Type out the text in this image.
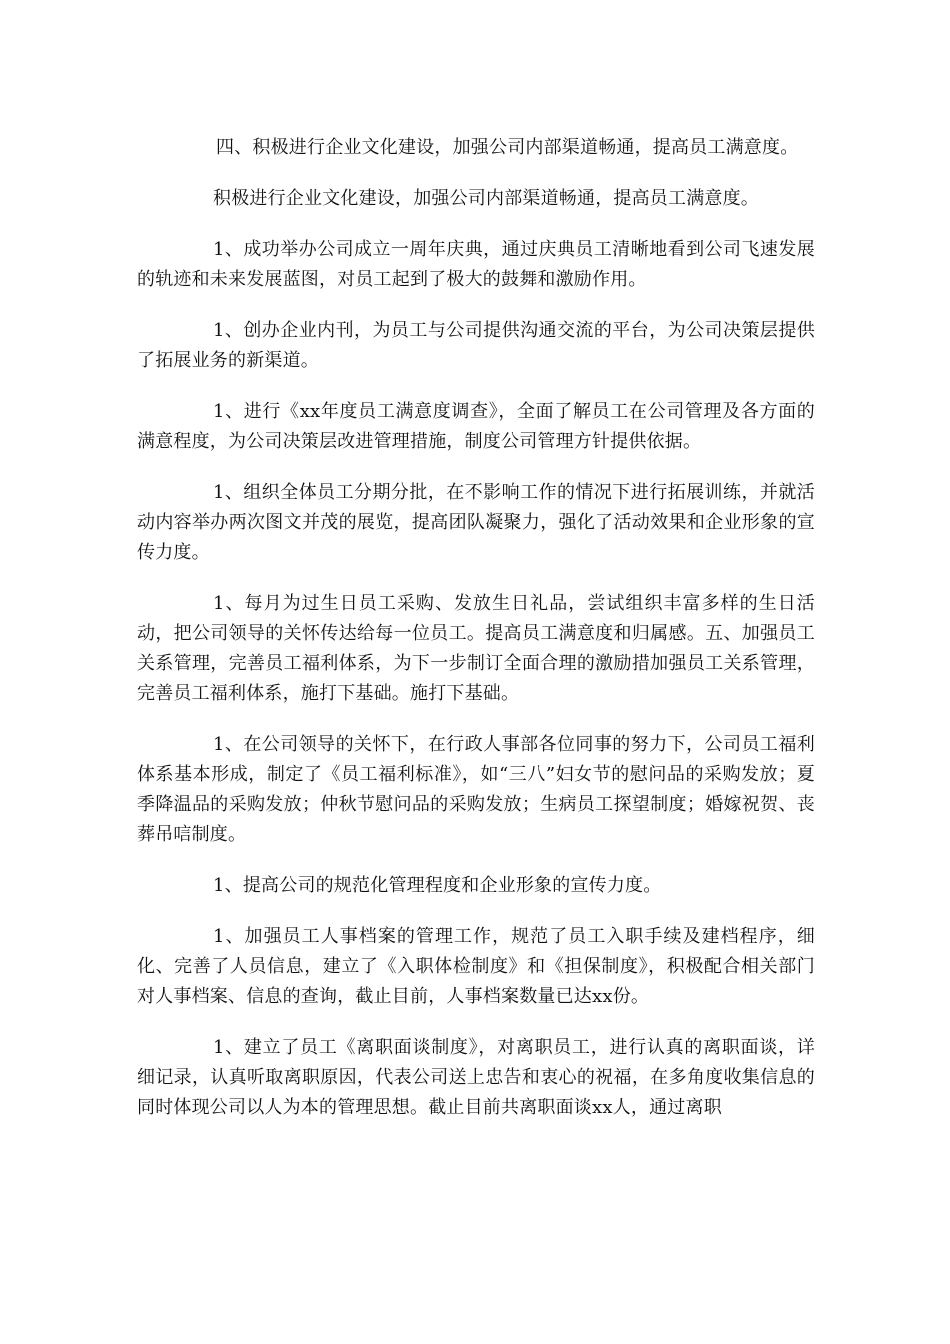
四、积极进行企业文化建设，加强公司内部渠道畅通，提高员工满意度。

积极进行企业文化建设，加强公司内部渠道畅通，提高员工满意度。

1、成功举办公司成立一周年庆典，通过庆典员工清晰地看到公司飞速发展的轨迹和未来发展蓝图，对员工起到了极大的鼓舞和激励作用。

1、创办企业内刊，为员工与公司提供沟通交流的平台，为公司决策层提供了拓展业务的新渠道。

1、进行《xx年度员工满意度调查》，全面了解员工在公司管理及各方面的满意程度，为公司决策层改进管理措施，制度公司管理方针提供依据。

1、组织全体员工分期分批，在不影响工作的情况下进行拓展训练，并就活动内容举办两次图文并茂的展览，提高团队凝聚力，强化了活动效果和企业形象的宣传力度。

1、每月为过生日员工采购、发放生日礼品，尝试组织丰富多样的生日活动，把公司领导的关怀传达给每一位员工。提高员工满意度和归属感。五、加强员工关系管理，完善员工福利体系，为下一步制订全面合理的激励措加强员工关系管理，完善员工福利体系，施打下基础。施打下基础。

1、在公司领导的关怀下，在行政人事部各位同事的努力下，公司员工福利体系基本形成，制定了《员工福利标准》，如“三八”妇女节的慰问品的采购发放；夏季降温品的采购发放；仲秋节慰问品的采购发放；生病员工探望制度；婚嫁祝贺、丧葬吊唁制度。

1、提高公司的规范化管理程度和企业形象的宣传力度。

1、加强员工人事档案的管理工作，规范了员工入职手续及建档程序，细化、完善了人员信息，建立了《入职体检制度》和《担保制度》，积极配合相关部门对人事档案、信息的查询，截止目前，人事档案数量已达xx份。

1、建立了员工《离职面谈制度》，对离职员工，进行认真的离职面谈，详细记录，认真听取离职原因，代表公司送上忠告和衷心的祝福，在多角度收集信息的同时体现公司以人为本的管理思想。截止目前共离职面谈xx人，通过离职
